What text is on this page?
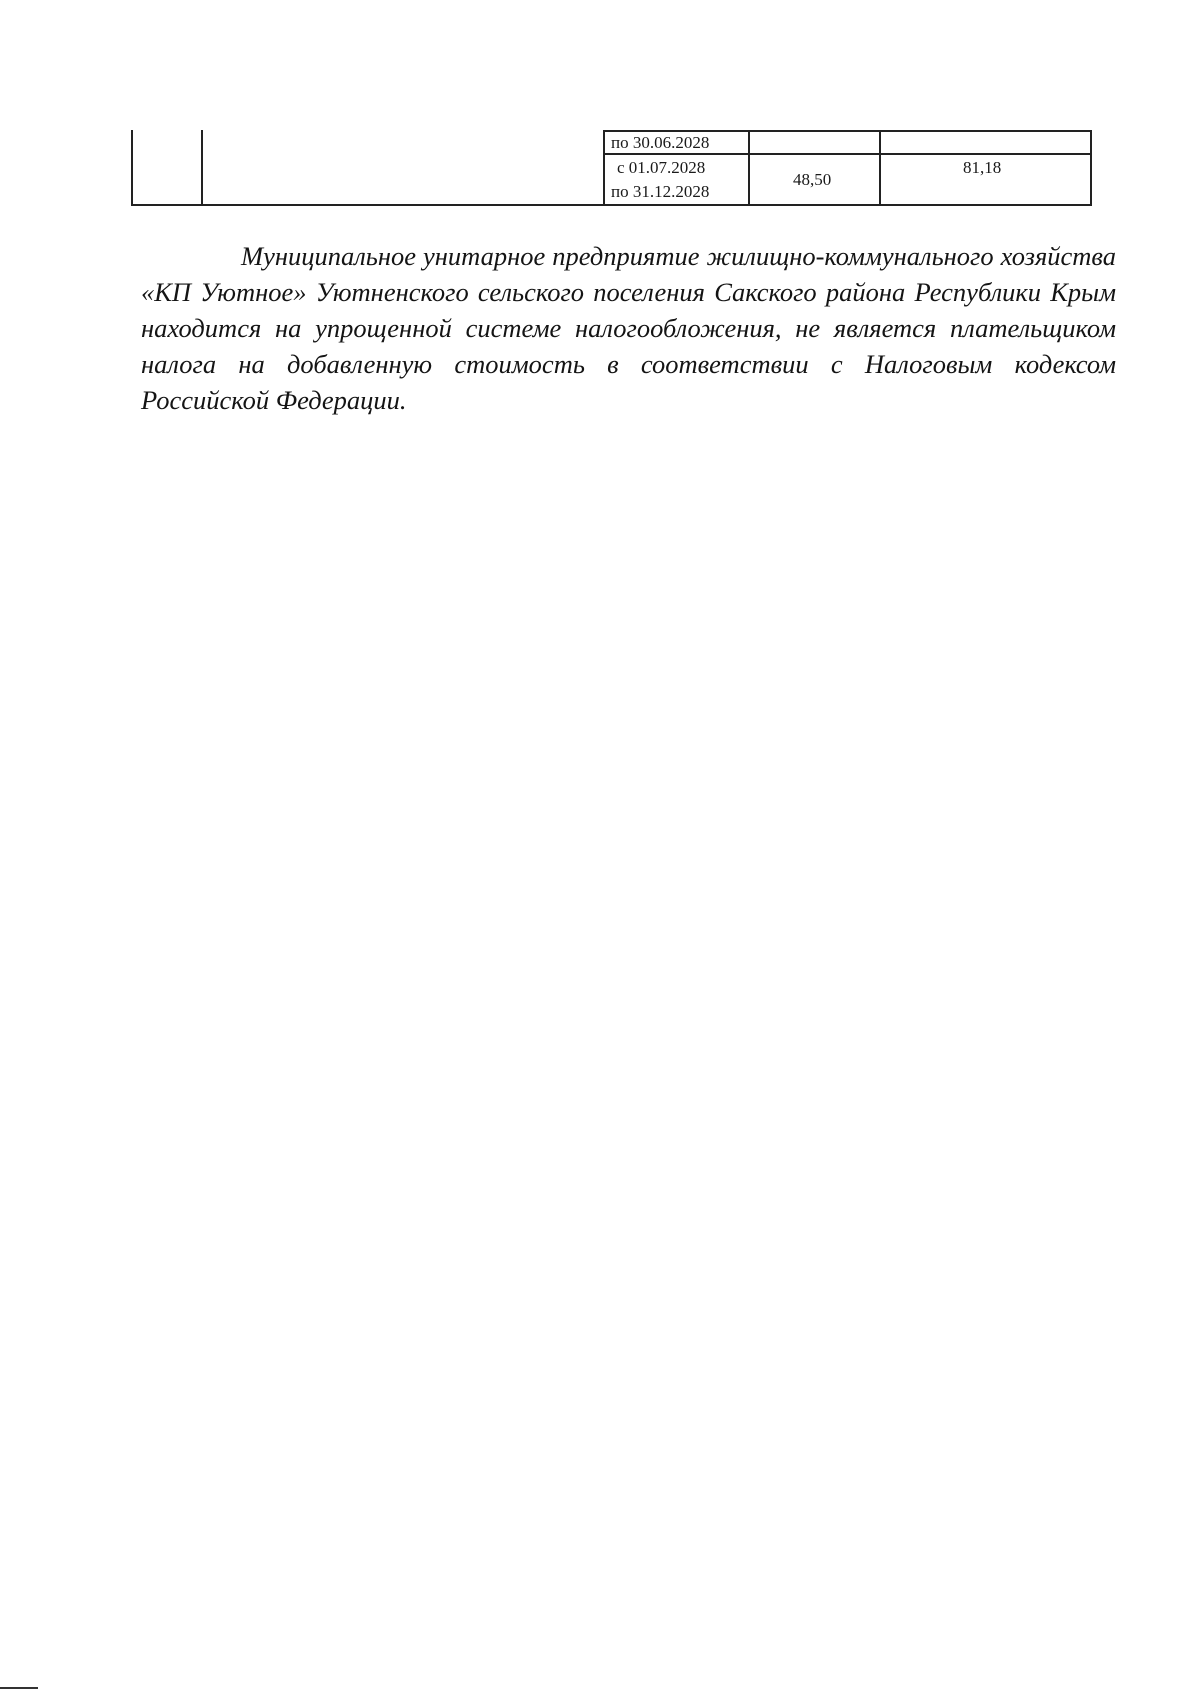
по 30.06.2028
с 01.07.2028
по 31.12.2028
48,50
81,18

Муниципальное унитарное предприятие жилищно-коммунального хозяйства «КП Уютное» Уютненского сельского поселения Сакского района Республики Крым находится на упрощенной системе налогообложения, не является плательщиком налога на добавленную стоимость в соответствии с Налоговым кодексом Российской Федерации.
